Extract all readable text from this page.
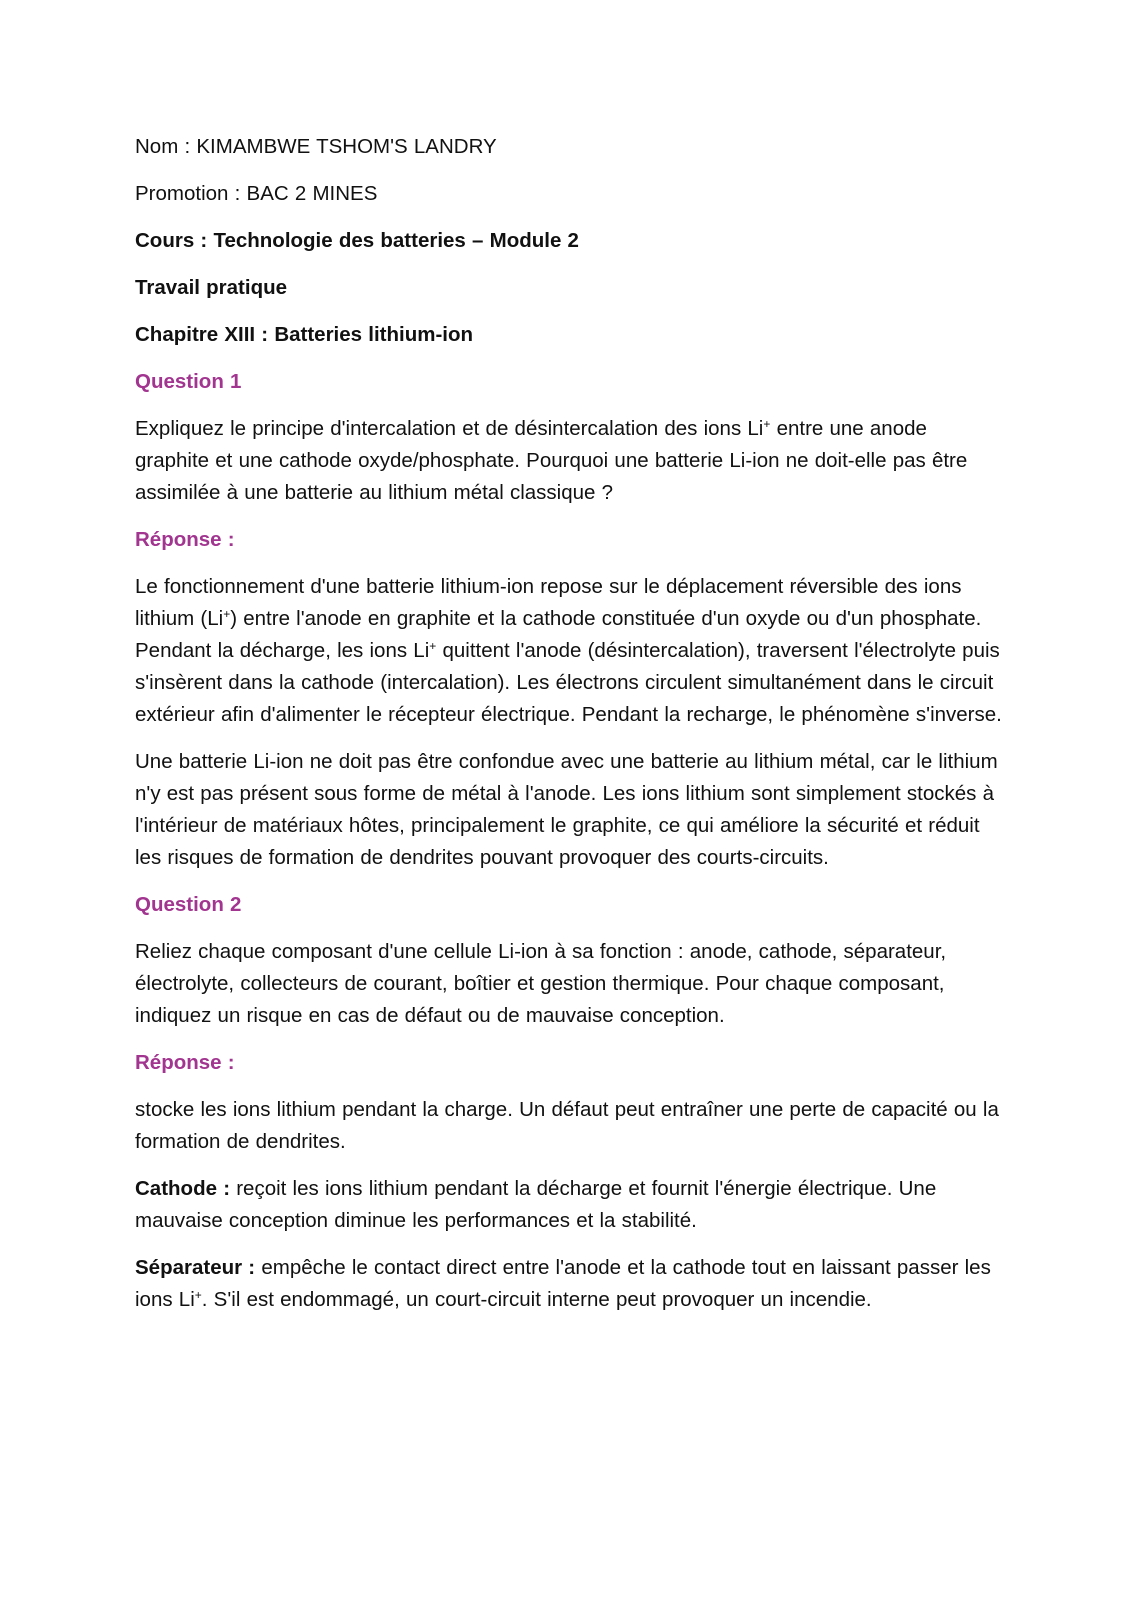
Nom : KIMAMBWE TSHOM'S LANDRY

Promotion : BAC 2 MINES

Cours : Technologie des batteries – Module 2

Travail pratique

Chapitre XIII : Batteries lithium-ion

Question 1

Expliquez le principe d'intercalation et de désintercalation des ions Li+ entre une anode graphite et une cathode oxyde/phosphate. Pourquoi une batterie Li-ion ne doit-elle pas être assimilée à une batterie au lithium métal classique ?

Réponse :

Le fonctionnement d'une batterie lithium-ion repose sur le déplacement réversible des ions lithium (Li+) entre l'anode en graphite et la cathode constituée d'un oxyde ou d'un phosphate. Pendant la décharge, les ions Li+ quittent l'anode (désintercalation), traversent l'électrolyte puis s'insèrent dans la cathode (intercalation). Les électrons circulent simultanément dans le circuit extérieur afin d'alimenter le récepteur électrique. Pendant la recharge, le phénomène s'inverse.

Une batterie Li-ion ne doit pas être confondue avec une batterie au lithium métal, car le lithium n'y est pas présent sous forme de métal à l'anode. Les ions lithium sont simplement stockés à l'intérieur de matériaux hôtes, principalement le graphite, ce qui améliore la sécurité et réduit les risques de formation de dendrites pouvant provoquer des courts-circuits.

Question 2

Reliez chaque composant d'une cellule Li-ion à sa fonction : anode, cathode, séparateur, électrolyte, collecteurs de courant, boîtier et gestion thermique. Pour chaque composant, indiquez un risque en cas de défaut ou de mauvaise conception.

Réponse :

stocke les ions lithium pendant la charge. Un défaut peut entraîner une perte de capacité ou la formation de dendrites.

Cathode : reçoit les ions lithium pendant la décharge et fournit l'énergie électrique. Une mauvaise conception diminue les performances et la stabilité.

Séparateur : empêche le contact direct entre l'anode et la cathode tout en laissant passer les ions Li+. S'il est endommagé, un court-circuit interne peut provoquer un incendie.
